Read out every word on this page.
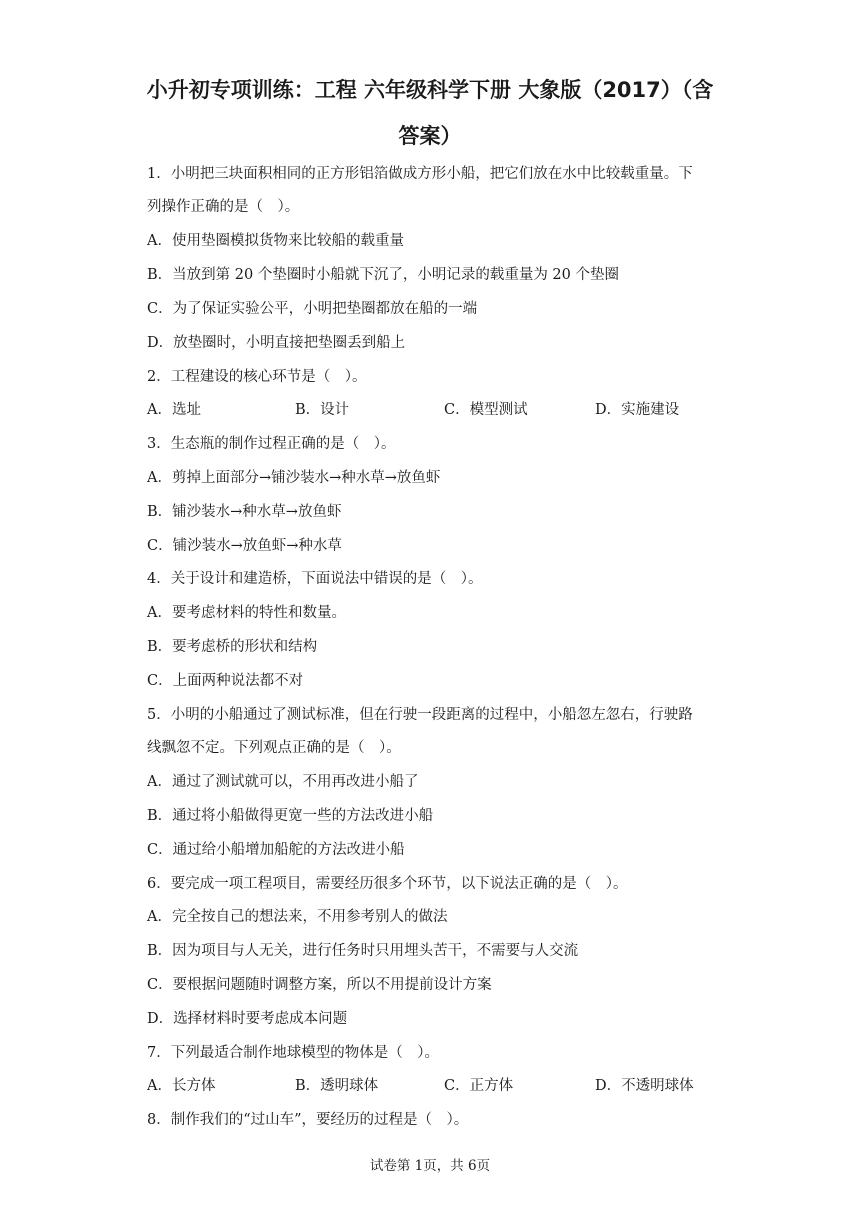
小升初专项训练：工程 六年级科学下册 大象版（2017）（含
答案）
1．小明把三块面积相同的正方形铝箔做成方形小船，把它们放在水中比较载重量。下
列操作正确的是（　）。
A．使用垫圈模拟货物来比较船的载重量
B．当放到第 20 个垫圈时小船就下沉了，小明记录的载重量为 20 个垫圈
C．为了保证实验公平，小明把垫圈都放在船的一端
D．放垫圈时，小明直接把垫圈丢到船上
2．工程建设的核心环节是（　）。
A．选址	B．设计	C．模型测试	D．实施建设
3．生态瓶的制作过程正确的是（　）。
A．剪掉上面部分→铺沙装水→种水草→放鱼虾
B．铺沙装水→种水草→放鱼虾
C．铺沙装水→放鱼虾→种水草
4．关于设计和建造桥，下面说法中错误的是（　）。
A．要考虑材料的特性和数量。
B．要考虑桥的形状和结构
C．上面两种说法都不对
5．小明的小船通过了测试标准，但在行驶一段距离的过程中，小船忽左忽右，行驶路
线飘忽不定。下列观点正确的是（　）。
A．通过了测试就可以，不用再改进小船了
B．通过将小船做得更宽一些的方法改进小船
C．通过给小船增加船舵的方法改进小船
6．要完成一项工程项目，需要经历很多个环节，以下说法正确的是（　）。
A．完全按自己的想法来，不用参考别人的做法
B．因为项目与人无关，进行任务时只用埋头苦干，不需要与人交流
C．要根据问题随时调整方案，所以不用提前设计方案
D．选择材料时要考虑成本问题
7．下列最适合制作地球模型的物体是（　）。
A．长方体	B．透明球体	C．正方体	D．不透明球体
8．制作我们的“过山车”，要经历的过程是（　）。
试卷第 1页，共 6页
